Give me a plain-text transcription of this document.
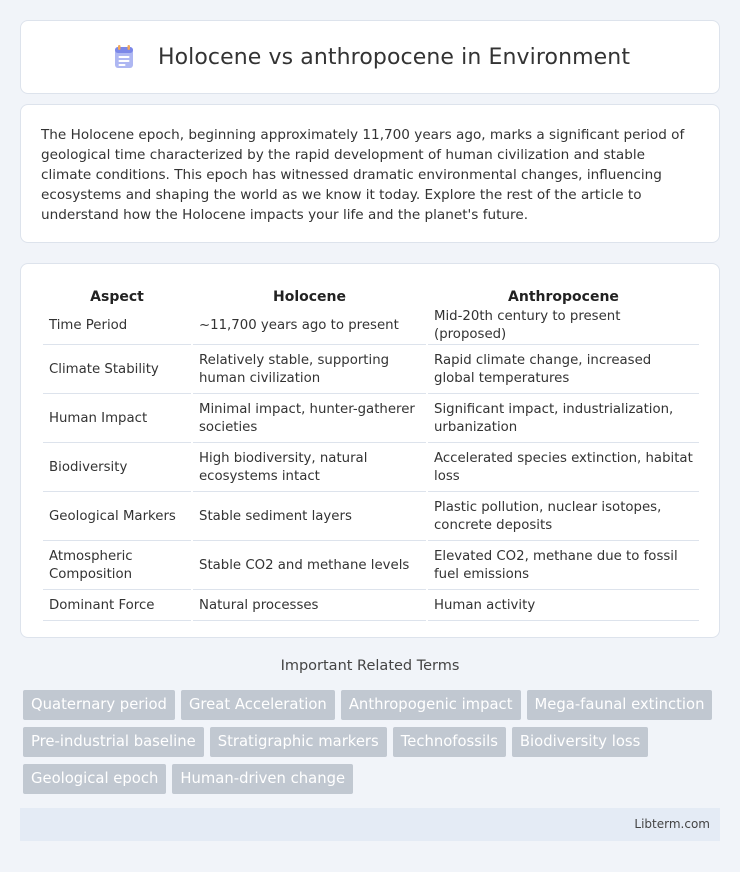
Holocene vs anthropocene in Environment

The Holocene epoch, beginning approximately 11,700 years ago, marks a significant period of geological time characterized by the rapid development of human civilization and stable climate conditions. This epoch has witnessed dramatic environmental changes, influencing ecosystems and shaping the world as we know it today. Explore the rest of the article to understand how the Holocene impacts your life and the planet's future.

Aspect	Holocene	Anthropocene
Time Period	~11,700 years ago to present	Mid-20th century to present (proposed)
Climate Stability	Relatively stable, supporting human civilization	Rapid climate change, increased global temperatures
Human Impact	Minimal impact, hunter-gatherer societies	Significant impact, industrialization, urbanization
Biodiversity	High biodiversity, natural ecosystems intact	Accelerated species extinction, habitat loss
Geological Markers	Stable sediment layers	Plastic pollution, nuclear isotopes, concrete deposits
Atmospheric Composition	Stable CO2 and methane levels	Elevated CO2, methane due to fossil fuel emissions
Dominant Force	Natural processes	Human activity
Important Related Terms
Quaternary period	Great Acceleration	Anthropogenic impact	Mega-faunal extinction
Pre-industrial baseline	Stratigraphic markers	Technofossils	Biodiversity loss
Geological epoch	Human-driven change
Libterm.com
